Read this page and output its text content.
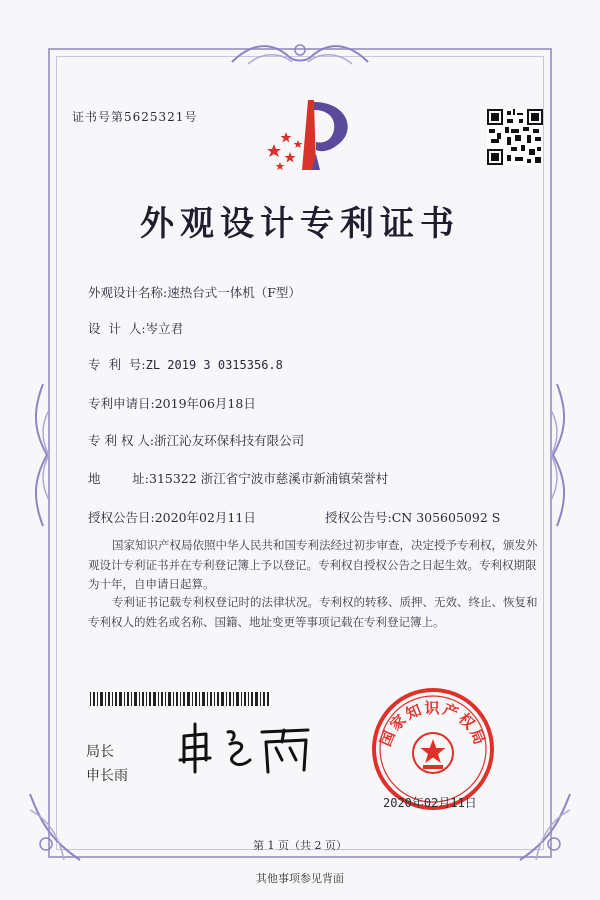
证书号第5625321号
外观设计专利证书
外观设计名称:速热台式一体机（F型）
设  计  人:岑立君
专  利  号:ZL 2019 3 0315356.8
专利申请日:2019年06月18日
专 利 权 人:浙江沁友环保科技有限公司
地        址:315322 浙江省宁波市慈溪市新浦镇荣誉村
授权公告日:2020年02月11日	授权公告号:CN 305605092 S
国家知识产权局依照中华人民共和国专利法经过初步审查，决定授予专利权，颁发外观设计专利证书并在专利登记簿上予以登记。专利权自授权公告之日起生效。专利权期限为十年，自申请日起算。
专利证书记载专利权登记时的法律状况。专利权的转移、质押、无效、终止、恢复和专利权人的姓名或名称、国籍、地址变更等事项记载在专利登记簿上。
局长
申长雨
国家知识产权局
2020年02月11日
第 1 页（共 2 页）
其他事项参见背面
